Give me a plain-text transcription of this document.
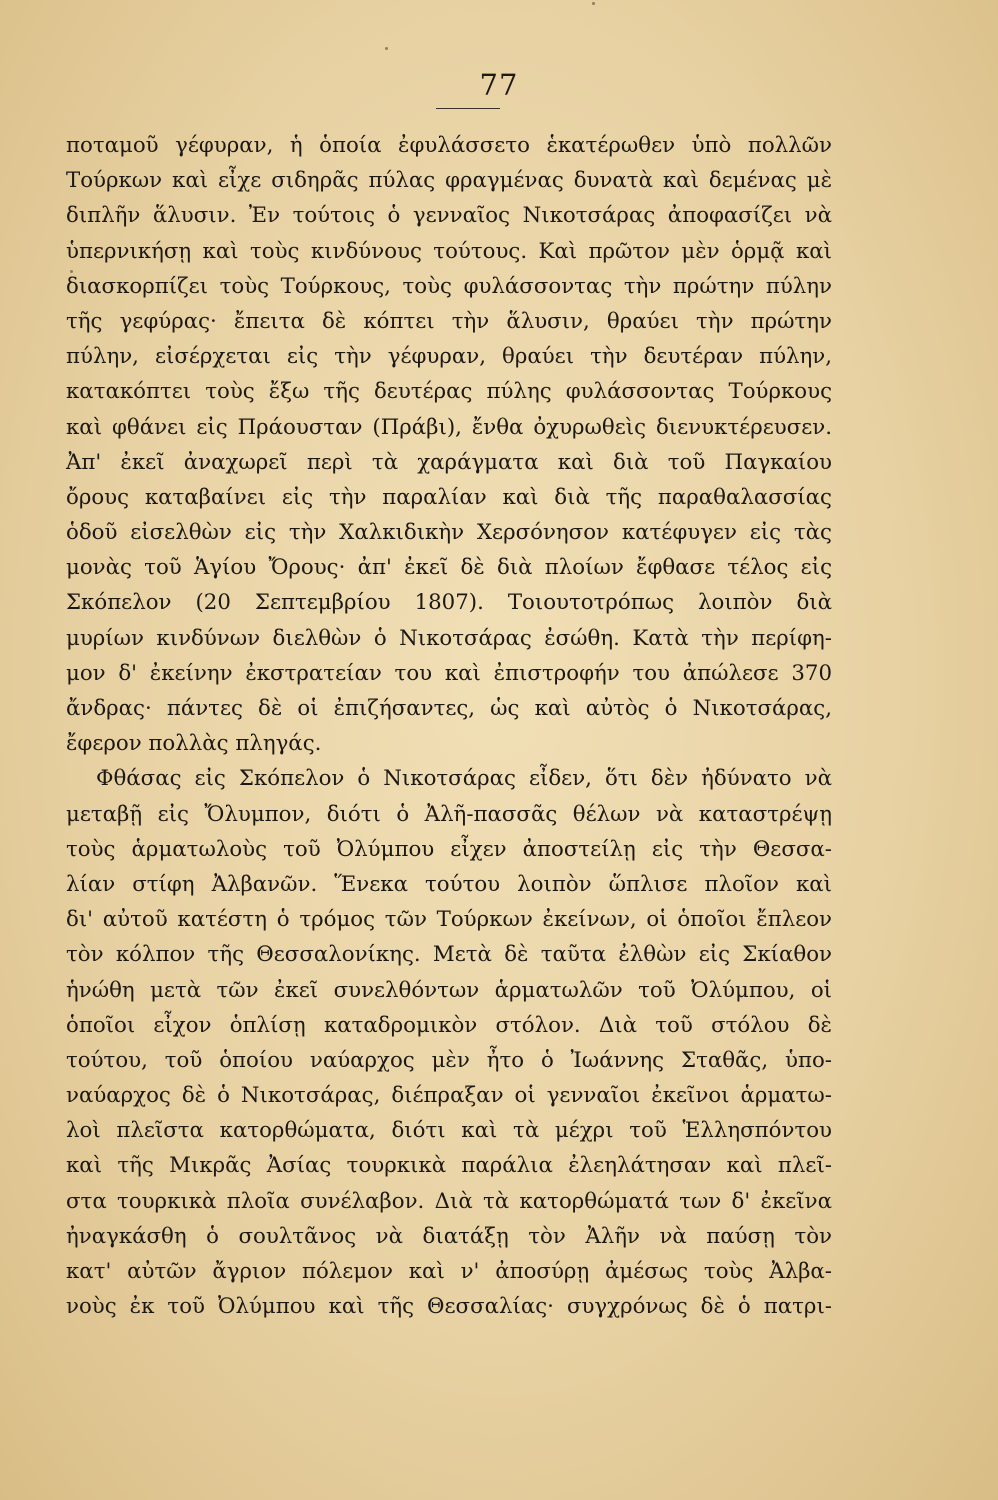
77
ποταμοῦ γέφυραν, ἡ ὁποία ἐφυλάσσετο ἑκατέρωθεν ὑπὸ πολλῶν
Τούρκων καὶ εἶχε σιδηρᾶς πύλας φραγμένας δυνατὰ καὶ δεμένας μὲ
διπλῆν ἅλυσιν. Ἐν τούτοις ὁ γενναῖος Νικοτσάρας ἀποφασίζει νὰ
ὑπερνικήσῃ καὶ τοὺς κινδύνους τούτους. Καὶ πρῶτον μὲν ὁρμᾷ καὶ
διασκορπίζει τοὺς Τούρκους, τοὺς φυλάσσοντας τὴν πρώτην πύλην
τῆς γεφύρας· ἔπειτα δὲ κόπτει τὴν ἅλυσιν, θραύει τὴν πρώτην
πύλην, εἰσέρχεται εἰς τὴν γέφυραν, θραύει τὴν δευτέραν πύλην,
κατακόπτει τοὺς ἔξω τῆς δευτέρας πύλης φυλάσσοντας Τούρκους
καὶ φθάνει εἰς Πράουσταν (Πράβι), ἔνθα ὀχυρωθεὶς διενυκτέρευσεν.
Ἀπ' ἐκεῖ ἀναχωρεῖ περὶ τὰ χαράγματα καὶ διὰ τοῦ Παγκαίου
ὄρους καταβαίνει εἰς τὴν παραλίαν καὶ διὰ τῆς παραθαλασσίας
ὁδοῦ εἰσελθὼν εἰς τὴν Χαλκιδικὴν Χερσόνησον κατέφυγεν εἰς τὰς
μονὰς τοῦ Ἁγίου Ὄρους· ἀπ' ἐκεῖ δὲ διὰ πλοίων ἔφθασε τέλος εἰς
Σκόπελον (20 Σεπτεμβρίου 1807). Τοιουτοτρόπως λοιπὸν διὰ
μυρίων κινδύνων διελθὼν ὁ Νικοτσάρας ἐσώθη. Κατὰ τὴν περίφη-
μον δ' ἐκείνην ἐκστρατείαν του καὶ ἐπιστροφήν του ἀπώλεσε 370
ἄνδρας· πάντες δὲ οἱ ἐπιζήσαντες, ὡς καὶ αὐτὸς ὁ Νικοτσάρας,
ἔφερον πολλὰς πληγάς.
Φθάσας εἰς Σκόπελον ὁ Νικοτσάρας εἶδεν, ὅτι δὲν ἠδύνατο νὰ
μεταβῇ εἰς Ὄλυμπον, διότι ὁ Ἀλῆ-πασσᾶς θέλων νὰ καταστρέψῃ
τοὺς ἁρματωλοὺς τοῦ Ὀλύμπου εἶχεν ἀποστείλῃ εἰς τὴν Θεσσα-
λίαν στίφη Ἀλβανῶν. Ἕνεκα τούτου λοιπὸν ὥπλισε πλοῖον καὶ
δι' αὐτοῦ κατέστη ὁ τρόμος τῶν Τούρκων ἐκείνων, οἱ ὁποῖοι ἔπλεον
τὸν κόλπον τῆς Θεσσαλονίκης. Μετὰ δὲ ταῦτα ἐλθὼν εἰς Σκίαθον
ἡνώθη μετὰ τῶν ἐκεῖ συνελθόντων ἁρματωλῶν τοῦ Ὀλύμπου, οἱ
ὁποῖοι εἶχον ὁπλίσῃ καταδρομικὸν στόλον. Διὰ τοῦ στόλου δὲ
τούτου, τοῦ ὁποίου ναύαρχος μὲν ἦτο ὁ Ἰωάννης Σταθᾶς, ὑπο-
ναύαρχος δὲ ὁ Νικοτσάρας, διέπραξαν οἱ γενναῖοι ἐκεῖνοι ἁρματω-
λοὶ πλεῖστα κατορθώματα, διότι καὶ τὰ μέχρι τοῦ Ἑλλησπόντου
καὶ τῆς Μικρᾶς Ἀσίας τουρκικὰ παράλια ἐλεηλάτησαν καὶ πλεῖ-
στα τουρκικὰ πλοῖα συνέλαβον. Διὰ τὰ κατορθώματά των δ' ἐκεῖνα
ἠναγκάσθη ὁ σουλτᾶνος νὰ διατάξῃ τὸν Ἀλῆν νὰ παύσῃ τὸν
κατ' αὐτῶν ἄγριον πόλεμον καὶ ν' ἀποσύρῃ ἀμέσως τοὺς Ἀλβα-
νοὺς ἐκ τοῦ Ὀλύμπου καὶ τῆς Θεσσαλίας· συγχρόνως δὲ ὁ πατρι-
